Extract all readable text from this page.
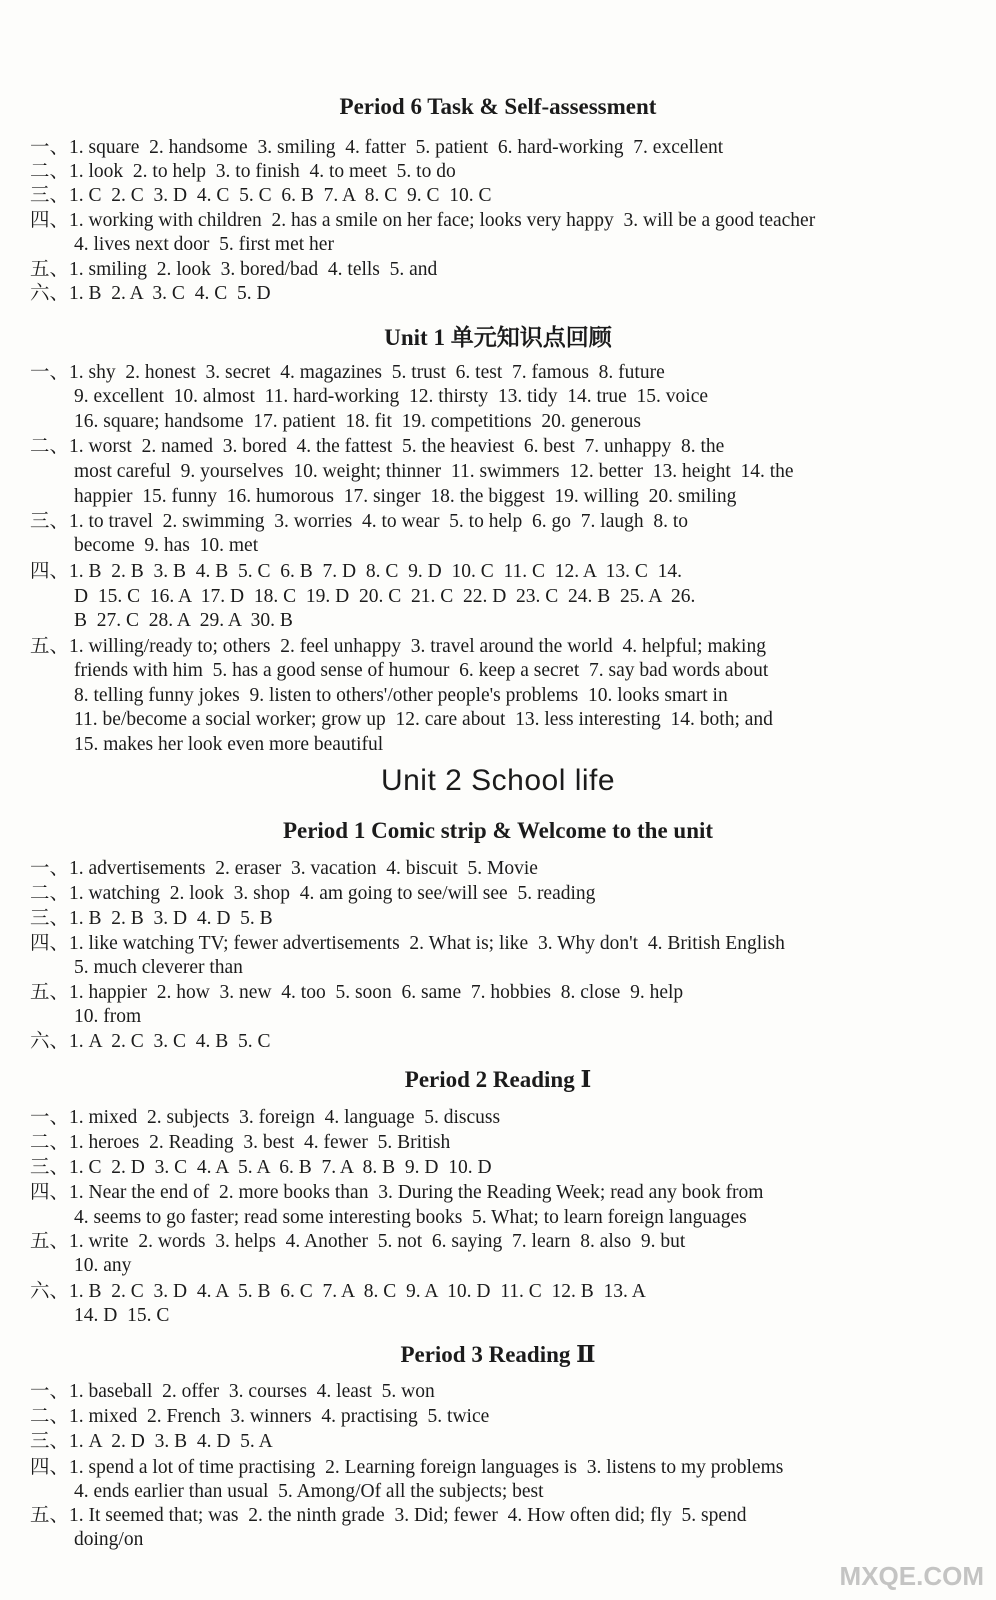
Period 6 Task & Self-assessment
一、1. square  2. handsome  3. smiling  4. fatter  5. patient  6. hard-working  7. excellent
二、1. look  2. to help  3. to finish  4. to meet  5. to do
三、1. C  2. C  3. D  4. C  5. C  6. B  7. A  8. C  9. C  10. C
四、1. working with children  2. has a smile on her face; looks very happy  3. will be a good teacher
4. lives next door  5. first met her
五、1. smiling  2. look  3. bored/bad  4. tells  5. and
六、1. B  2. A  3. C  4. C  5. D
Unit 1 单元知识点回顾
一、1. shy  2. honest  3. secret  4. magazines  5. trust  6. test  7. famous  8. future
9. excellent  10. almost  11. hard-working  12. thirsty  13. tidy  14. true  15. voice
16. square; handsome  17. patient  18. fit  19. competitions  20. generous
二、1. worst  2. named  3. bored  4. the fattest  5. the heaviest  6. best  7. unhappy  8. the
most careful  9. yourselves  10. weight; thinner  11. swimmers  12. better  13. height  14. the
happier  15. funny  16. humorous  17. singer  18. the biggest  19. willing  20. smiling
三、1. to travel  2. swimming  3. worries  4. to wear  5. to help  6. go  7. laugh  8. to
become  9. has  10. met
四、1. B  2. B  3. B  4. B  5. C  6. B  7. D  8. C  9. D  10. C  11. C  12. A  13. C  14.
D  15. C  16. A  17. D  18. C  19. D  20. C  21. C  22. D  23. C  24. B  25. A  26.
B  27. C  28. A  29. A  30. B
五、1. willing/ready to; others  2. feel unhappy  3. travel around the world  4. helpful; making
friends with him  5. has a good sense of humour  6. keep a secret  7. say bad words about
8. telling funny jokes  9. listen to others'/other people's problems  10. looks smart in
11. be/become a social worker; grow up  12. care about  13. less interesting  14. both; and
15. makes her look even more beautiful
Unit 2 School life
Period 1 Comic strip & Welcome to the unit
一、1. advertisements  2. eraser  3. vacation  4. biscuit  5. Movie
二、1. watching  2. look  3. shop  4. am going to see/will see  5. reading
三、1. B  2. B  3. D  4. D  5. B
四、1. like watching TV; fewer advertisements  2. What is; like  3. Why don't  4. British English
5. much cleverer than
五、1. happier  2. how  3. new  4. too  5. soon  6. same  7. hobbies  8. close  9. help
10. from
六、1. A  2. C  3. C  4. B  5. C
Period 2 Reading Ⅰ
一、1. mixed  2. subjects  3. foreign  4. language  5. discuss
二、1. heroes  2. Reading  3. best  4. fewer  5. British
三、1. C  2. D  3. C  4. A  5. A  6. B  7. A  8. B  9. D  10. D
四、1. Near the end of  2. more books than  3. During the Reading Week; read any book from
4. seems to go faster; read some interesting books  5. What; to learn foreign languages
五、1. write  2. words  3. helps  4. Another  5. not  6. saying  7. learn  8. also  9. but
10. any
六、1. B  2. C  3. D  4. A  5. B  6. C  7. A  8. C  9. A  10. D  11. C  12. B  13. A
14. D  15. C
Period 3 Reading Ⅱ
一、1. baseball  2. offer  3. courses  4. least  5. won
二、1. mixed  2. French  3. winners  4. practising  5. twice
三、1. A  2. D  3. B  4. D  5. A
四、1. spend a lot of time practising  2. Learning foreign languages is  3. listens to my problems
4. ends earlier than usual  5. Among/Of all the subjects; best
五、1. It seemed that; was  2. the ninth grade  3. Did; fewer  4. How often did; fly  5. spend
doing/on
MXQE.COM
